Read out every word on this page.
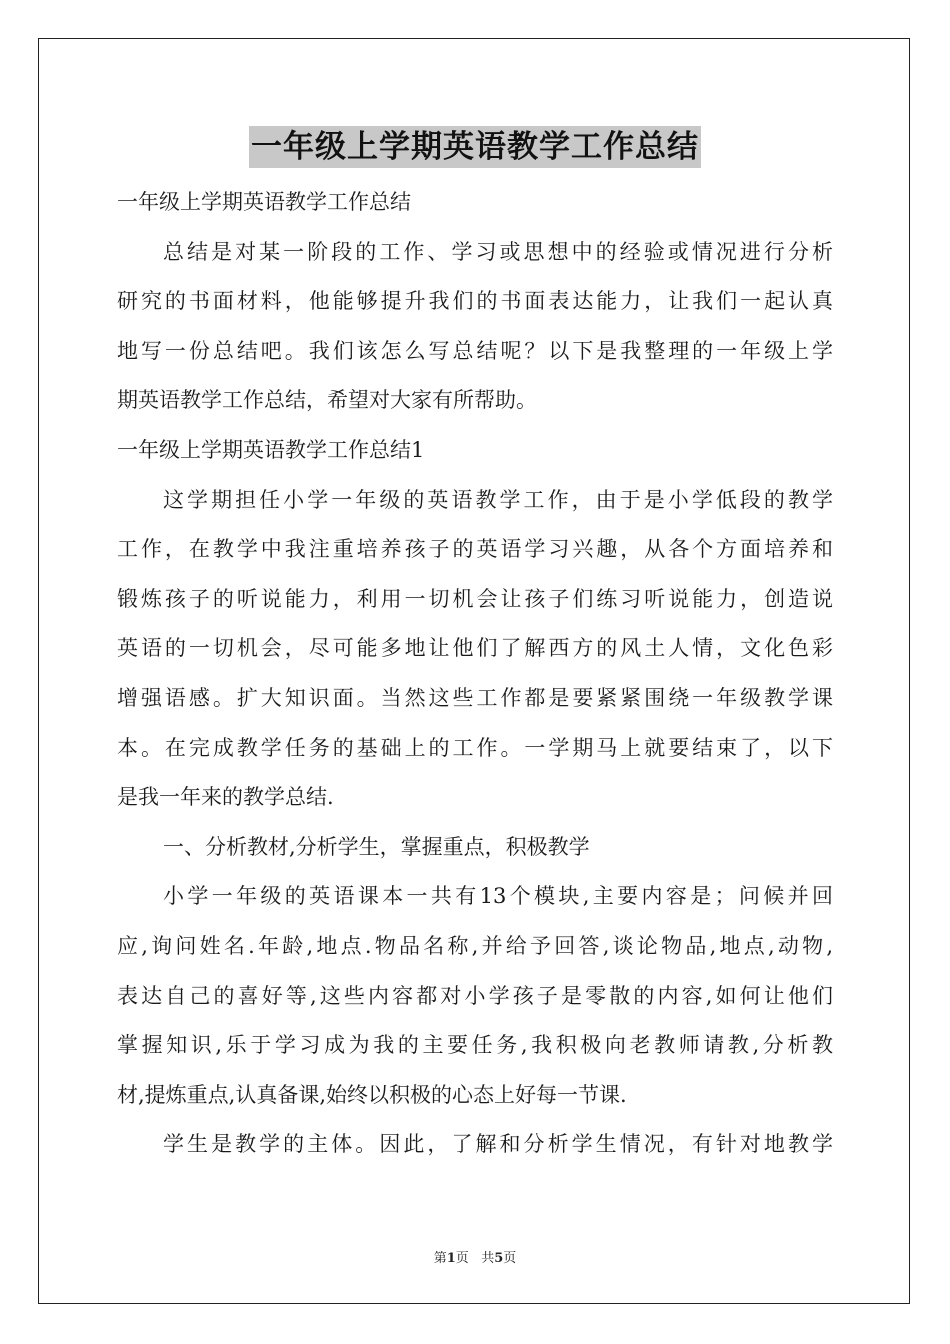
一年级上学期英语教学工作总结
一年级上学期英语教学工作总结
总结是对某一阶段的工作、学习或思想中的经验或情况进行分析
研究的书面材料，他能够提升我们的书面表达能力，让我们一起认真
地写一份总结吧。我们该怎么写总结呢？以下是我整理的一年级上学
期英语教学工作总结，希望对大家有所帮助。
一年级上学期英语教学工作总结1
这学期担任小学一年级的英语教学工作，由于是小学低段的教学
工作，在教学中我注重培养孩子的英语学习兴趣，从各个方面培养和
锻炼孩子的听说能力，利用一切机会让孩子们练习听说能力，创造说
英语的一切机会，尽可能多地让他们了解西方的风土人情，文化色彩
增强语感。扩大知识面。当然这些工作都是要紧紧围绕一年级教学课
本。在完成教学任务的基础上的工作。一学期马上就要结束了，以下
是我一年来的教学总结.
一、分析教材,分析学生，掌握重点，积极教学
小学一年级的英语课本一共有13个模块,主要内容是；问候并回
应,询问姓名.年龄,地点.物品名称,并给予回答,谈论物品,地点,动物,
表达自己的喜好等,这些内容都对小学孩子是零散的内容,如何让他们
掌握知识,乐于学习成为我的主要任务,我积极向老教师请教,分析教
材,提炼重点,认真备课,始终以积极的心态上好每一节课.
学生是教学的主体。因此，了解和分析学生情况，有针对地教学
第1页 共5页
